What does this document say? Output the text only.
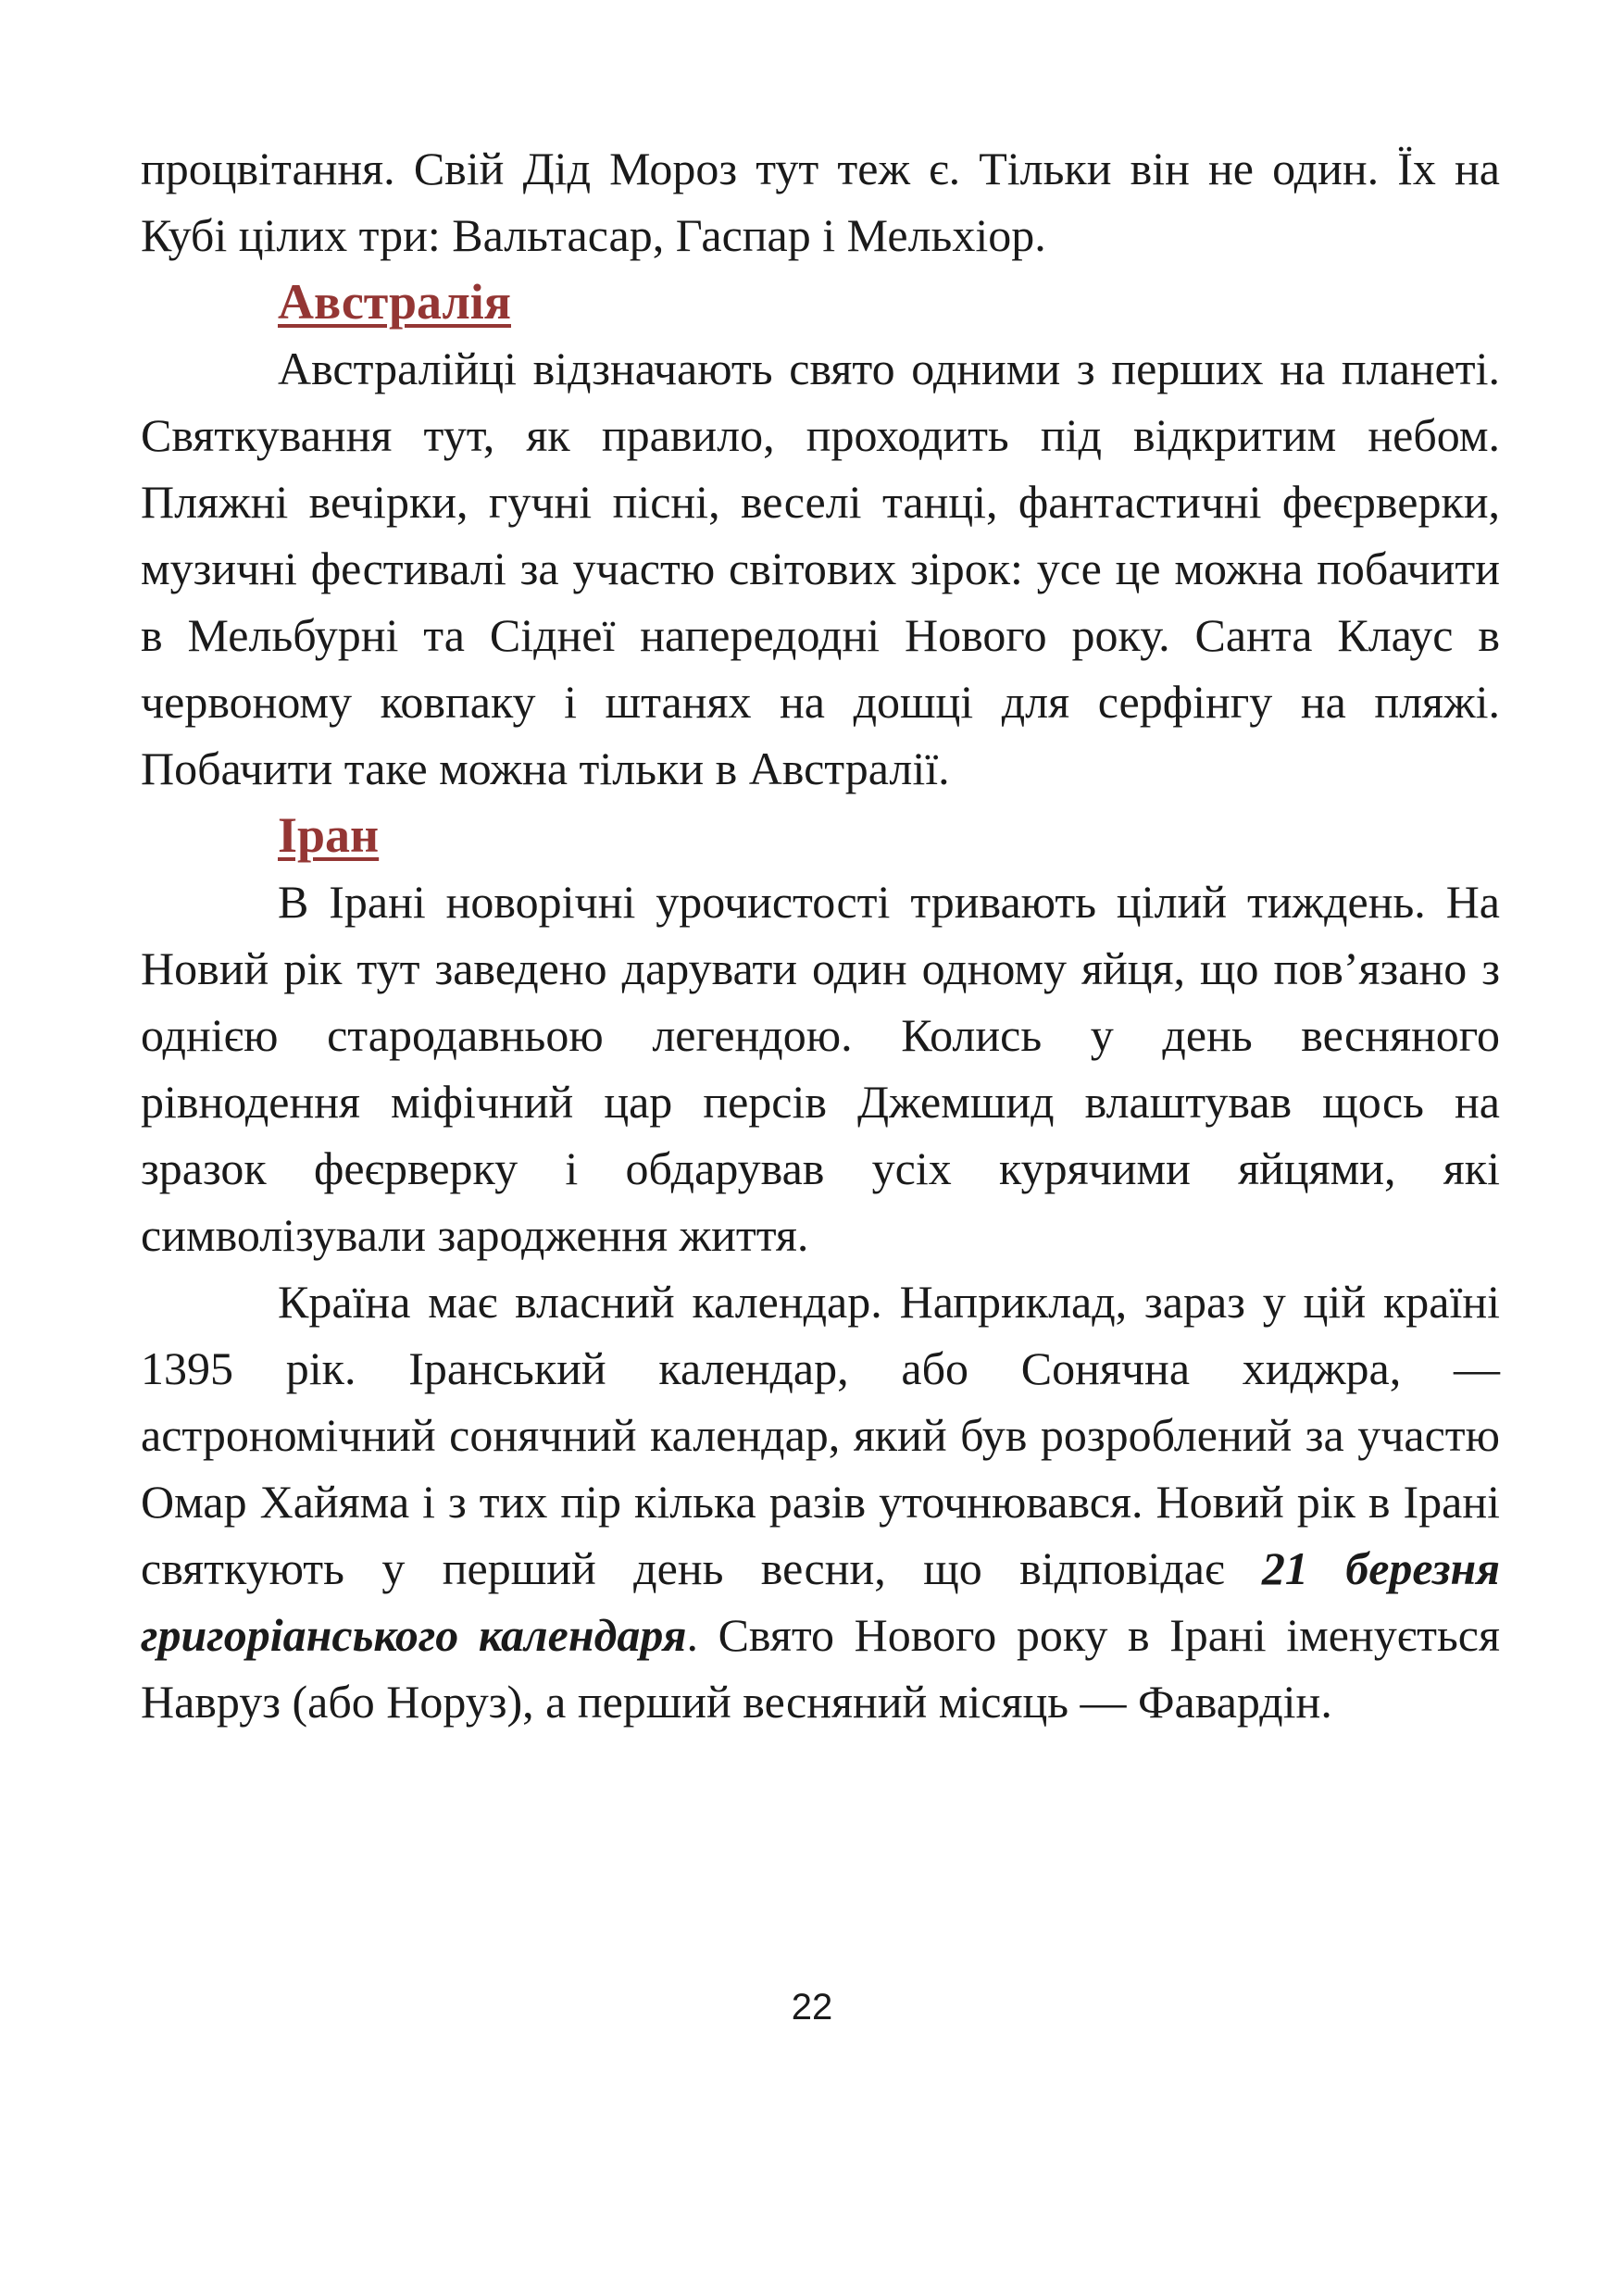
процвітання. Свій Дід Мороз тут теж є. Тільки він не один. Їх на Кубі цілих три: Вальтасар, Гаспар і Мельхіор.

Австралія

Австралійці відзначають свято одними з перших на планеті. Святкування тут, як правило, проходить під відкритим небом. Пляжні вечірки, гучні пісні, веселі танці, фантастичні феєрверки, музичні фестивалі за участю світових зірок: усе це можна побачити в Мельбурні та Сіднеї напередодні Нового року. Санта Клаус в червоному ковпаку і штанях на дошці для серфінгу на пляжі. Побачити таке можна тільки в Австралії.

Іран

В Ірані новорічні урочистості тривають цілий тиждень. На Новий рік тут заведено дарувати один одному яйця, що пов’язано з однією стародавньою легендою. Колись у день весняного рівнодення міфічний цар персів Джемшид влаштував щось на зразок феєрверку і обдарував усіх курячими яйцями, які символізували зародження життя.

Країна має власний календар. Наприклад, зараз у цій країні 1395 рік. Іранський календар, або Сонячна хиджра, — астрономічний сонячний календар, який був розроблений за участю Омар Хайяма і з тих пір кілька разів уточнювався. Новий рік в Ірані святкують у перший день весни, що відповідає 21 березня григоріанського календаря. Свято Нового року в Ірані іменується Навруз (або Норуз), а перший весняний місяць — Фавардін.

22
